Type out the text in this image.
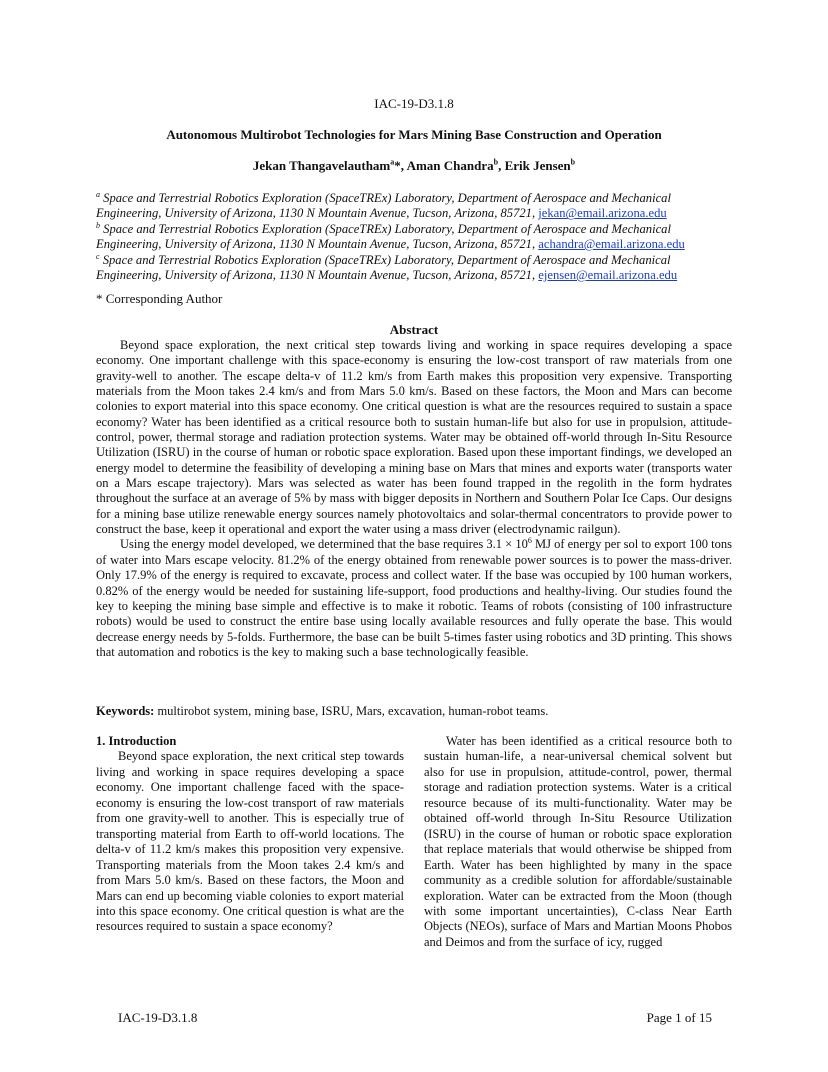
IAC-19-D3.1.8
Autonomous Multirobot Technologies for Mars Mining Base Construction and Operation
Jekan Thangavelautham$^a$*, Aman Chandra$^b$, Erik Jensen$^b$
$^a$ Space and Terrestrial Robotics Exploration (SpaceTREx) Laboratory, Department of Aerospace and Mechanical Engineering, University of Arizona, 1130 N Mountain Avenue, Tucson, Arizona, 85721, jekan@email.arizona.edu
$^b$ Space and Terrestrial Robotics Exploration (SpaceTREx) Laboratory, Department of Aerospace and Mechanical Engineering, University of Arizona, 1130 N Mountain Avenue, Tucson, Arizona, 85721, achandra@email.arizona.edu
$^c$ Space and Terrestrial Robotics Exploration (SpaceTREx) Laboratory, Department of Aerospace and Mechanical Engineering, University of Arizona, 1130 N Mountain Avenue, Tucson, Arizona, 85721, ejensen@email.arizona.edu
* Corresponding Author
Abstract

Beyond space exploration, the next critical step towards living and working in space requires developing a space economy. One important challenge with this space-economy is ensuring the low-cost transport of raw materials from one gravity-well to another. The escape delta-v of 11.2 km/s from Earth makes this proposition very expensive. Transporting materials from the Moon takes 2.4 km/s and from Mars 5.0 km/s. Based on these factors, the Moon and Mars can become colonies to export material into this space economy. One critical question is what are the resources required to sustain a space economy? Water has been identified as a critical resource both to sustain human-life but also for use in propulsion, attitude-control, power, thermal storage and radiation protection systems. Water may be obtained off-world through In-Situ Resource Utilization (ISRU) in the course of human or robotic space exploration. Based upon these important findings, we developed an energy model to determine the feasibility of developing a mining base on Mars that mines and exports water (transports water on a Mars escape trajectory). Mars was selected as water has been found trapped in the regolith in the form hydrates throughout the surface at an average of 5% by mass with bigger deposits in Northern and Southern Polar Ice Caps. Our designs for a mining base utilize renewable energy sources namely photovoltaics and solar-thermal concentrators to provide power to construct the base, keep it operational and export the water using a mass driver (electrodynamic railgun).

Using the energy model developed, we determined that the base requires $3.1 \times 10^6$ MJ of energy per sol to export 100 tons of water into Mars escape velocity. 81.2% of the energy obtained from renewable power sources is to power the mass-driver. Only 17.9% of the energy is required to excavate, process and collect water. If the base was occupied by 100 human workers, 0.82% of the energy would be needed for sustaining life-support, food productions and healthy-living. Our studies found the key to keeping the mining base simple and effective is to make it robotic. Teams of robots (consisting of 100 infrastructure robots) would be used to construct the entire base using locally available resources and fully operate the base. This would decrease energy needs by 5-folds. Furthermore, the base can be built 5-times faster using robotics and 3D printing. This shows that automation and robotics is the key to making such a base technologically feasible.

Keywords: multirobot system, mining base, ISRU, Mars, excavation, human-robot teams.
1. Introduction

Beyond space exploration, the next critical step towards living and working in space requires developing a space economy. One important challenge faced with the space-economy is ensuring the low-cost transport of raw materials from one gravity-well to another. This is especially true of transporting material from Earth to off-world locations. The delta-v of 11.2 km/s makes this proposition very expensive. Transporting materials from the Moon takes 2.4 km/s and from Mars 5.0 km/s. Based on these factors, the Moon and Mars can end up becoming viable colonies to export material into this space economy. One critical question is what are the resources required to sustain a space economy?

Water has been identified as a critical resource both to sustain human-life, a near-universal chemical solvent but also for use in propulsion, attitude-control, power, thermal storage and radiation protection systems. Water is a critical resource because of its multi-functionality. Water may be obtained off-world through In-Situ Resource Utilization (ISRU) in the course of human or robotic space exploration that replace materials that would otherwise be shipped from Earth. Water has been highlighted by many in the space community as a credible solution for affordable/sustainable exploration. Water can be extracted from the Moon (though with some important uncertainties), C-class Near Earth Objects (NEOs), surface of Mars and Martian Moons Phobos and Deimos and from the surface of icy, rugged

IAC-19-D3.1.8	Page 1 of 15
